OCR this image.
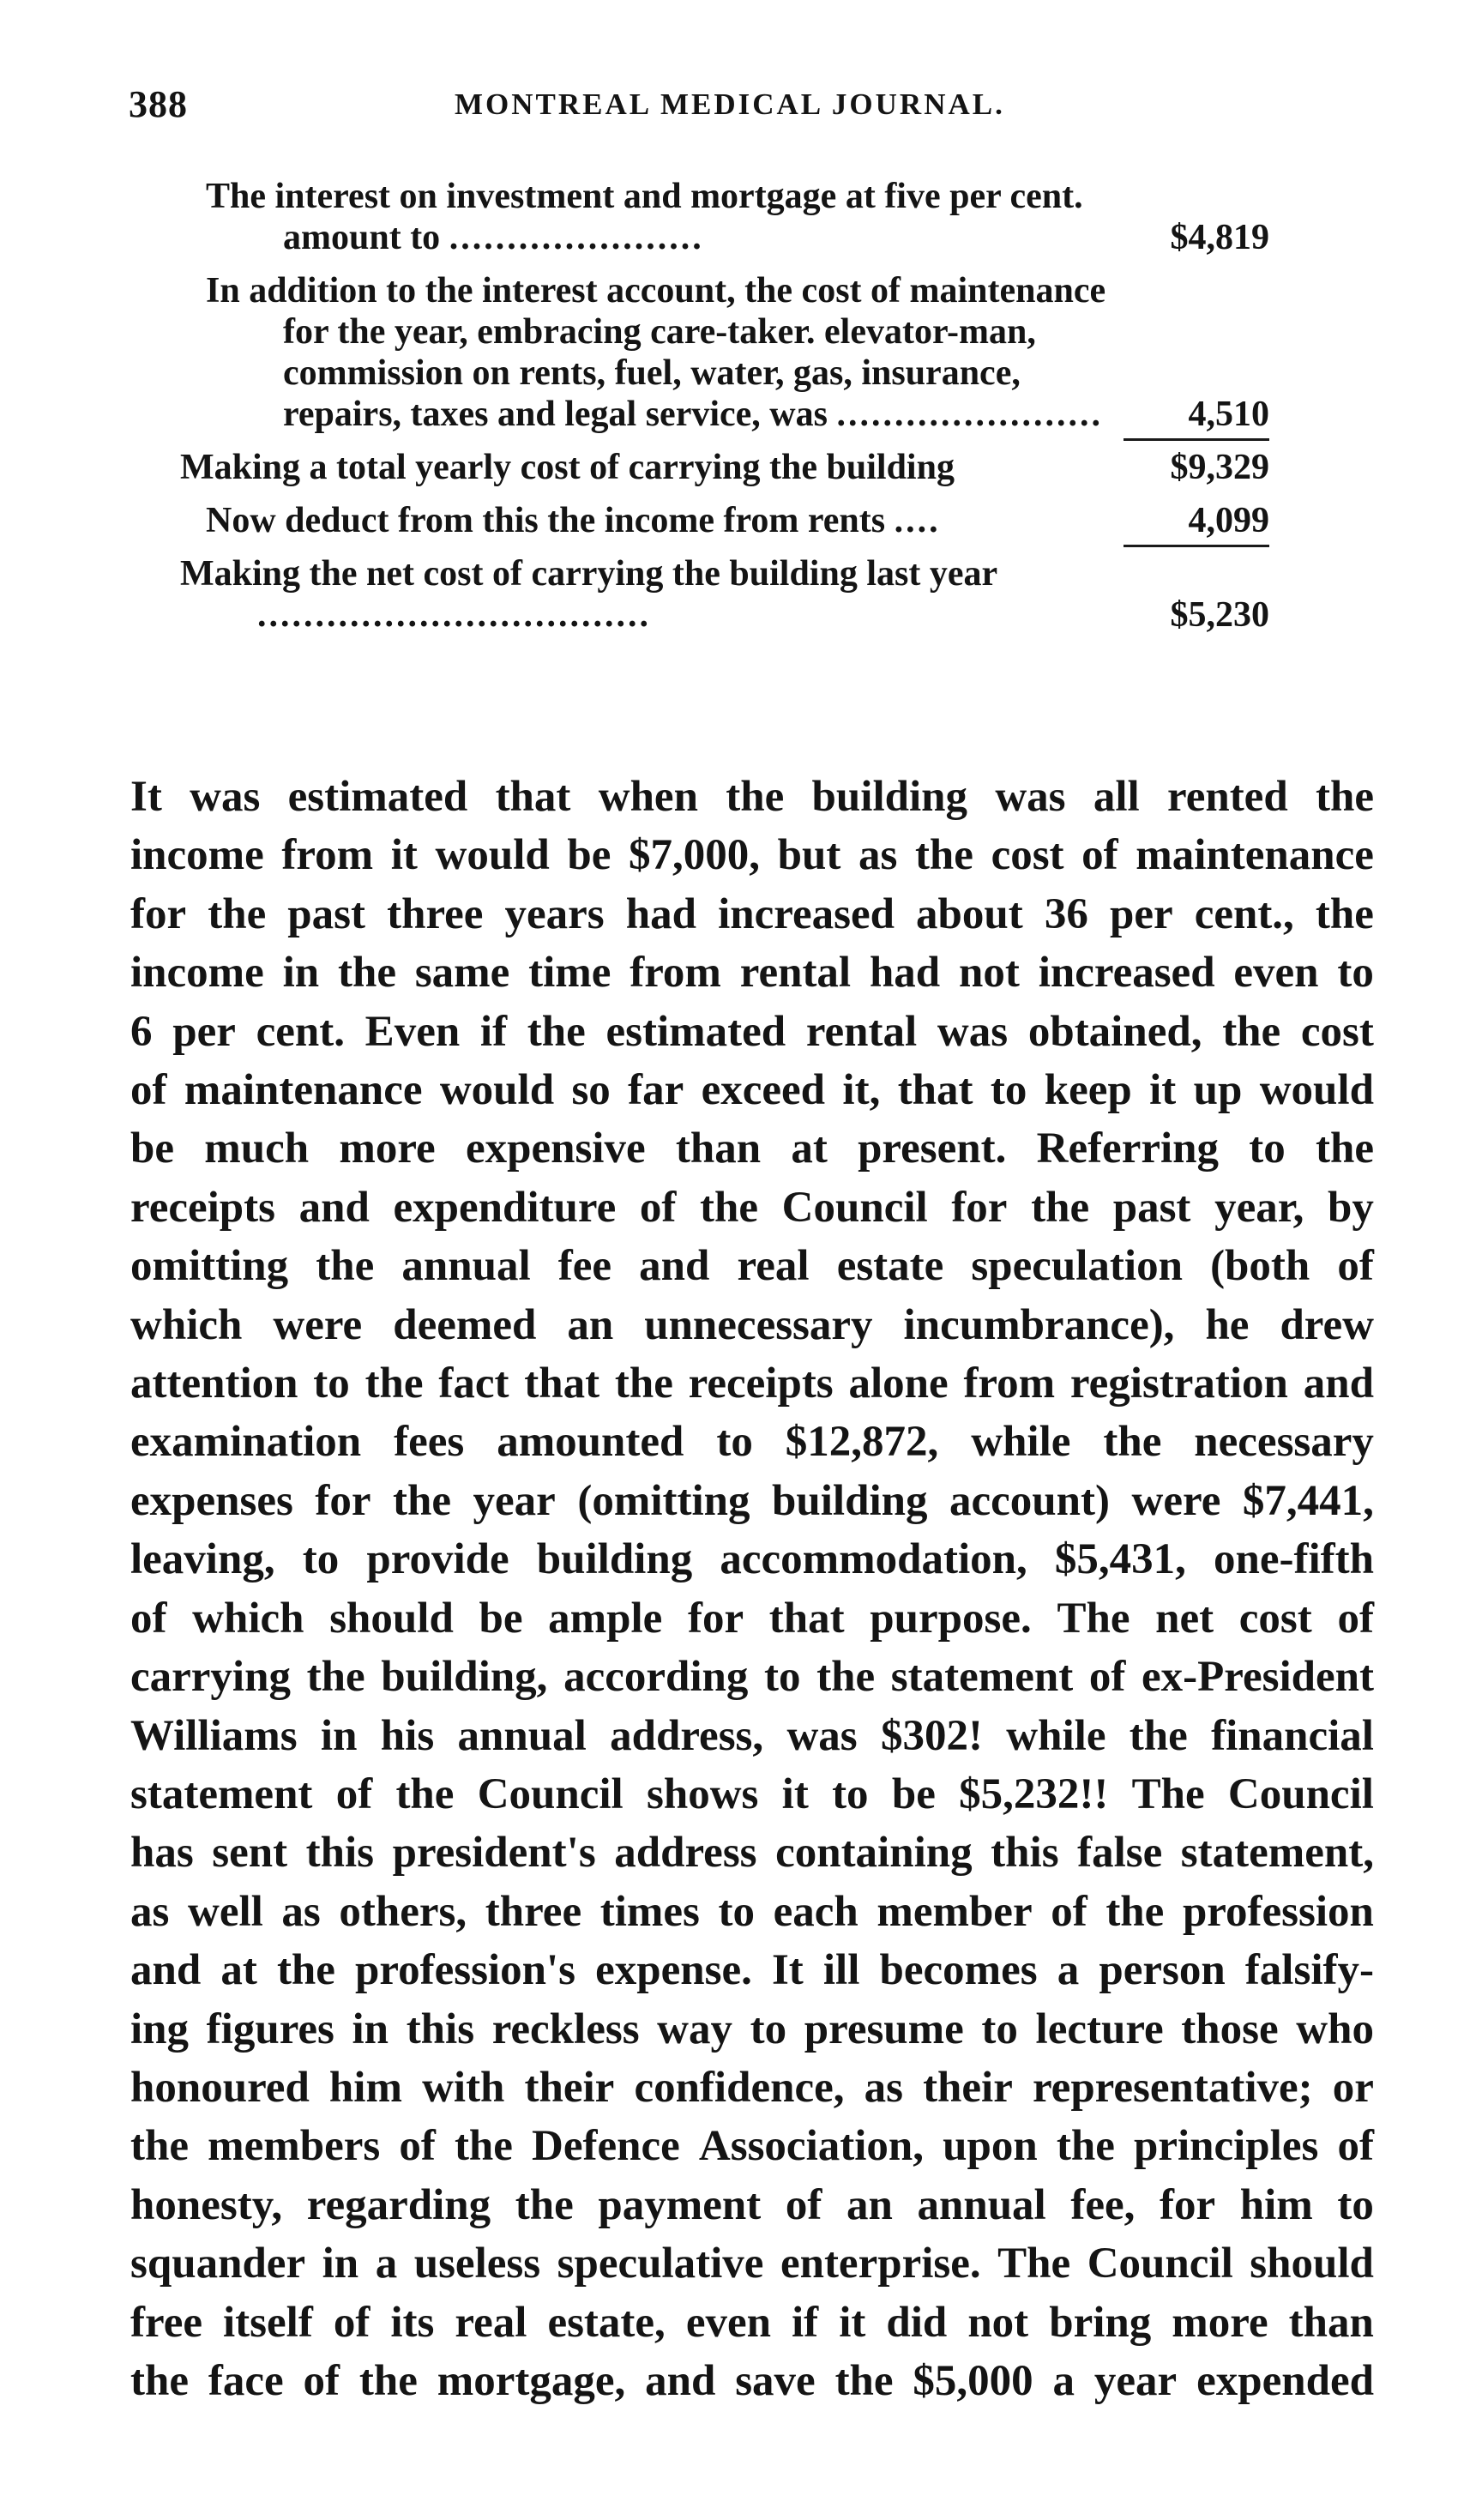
388	MONTREAL MEDICAL JOURNAL.
The interest on investment and mortgage at five per cent. amount to ......................	$4,819
In addition to the interest account, the cost of maintenance for the year, embracing care-taker. elevator-man, commission on rents, fuel, water, gas, insurance, repairs, taxes and legal service, was .......................	4,510
Making a total yearly cost of carrying the building	$9,329
Now deduct from this the income from rents ....	4,099
Making the net cost of carrying the building last year ..................................	$5,230
It was estimated that when the building was all rented the
income from it would be $7,000, but as the cost of maintenance
for the past three years had increased about 36 per cent., the
income in the same time from rental had not increased even to
6 per cent. Even if the estimated rental was obtained, the cost
of maintenance would so far exceed it, that to keep it up would
be much more expensive than at present. Referring to the
receipts and expenditure of the Council for the past year, by
omitting the annual fee and real estate speculation (both of
which were deemed an unnecessary incumbrance), he drew
attention to the fact that the receipts alone from registration and
examination fees amounted to $12,872, while the necessary
expenses for the year (omitting building account) were $7,441,
leaving, to provide building accommodation, $5,431, one-fifth
of which should be ample for that purpose. The net cost of
carrying the building, according to the statement of ex-President
Williams in his annual address, was $302! while the financial
statement of the Council shows it to be $5,232!! The Council
has sent this president's address containing this false statement,
as well as others, three times to each member of the profession
and at the profession's expense. It ill becomes a person falsify-
ing figures in this reckless way to presume to lecture those who
honoured him with their confidence, as their representative; or
the members of the Defence Association, upon the principles of
honesty, regarding the payment of an annual fee, for him to
squander in a useless speculative enterprise. The Council should
free itself of its real estate, even if it did not bring more than
the face of the mortgage, and save the $5,000 a year expended
